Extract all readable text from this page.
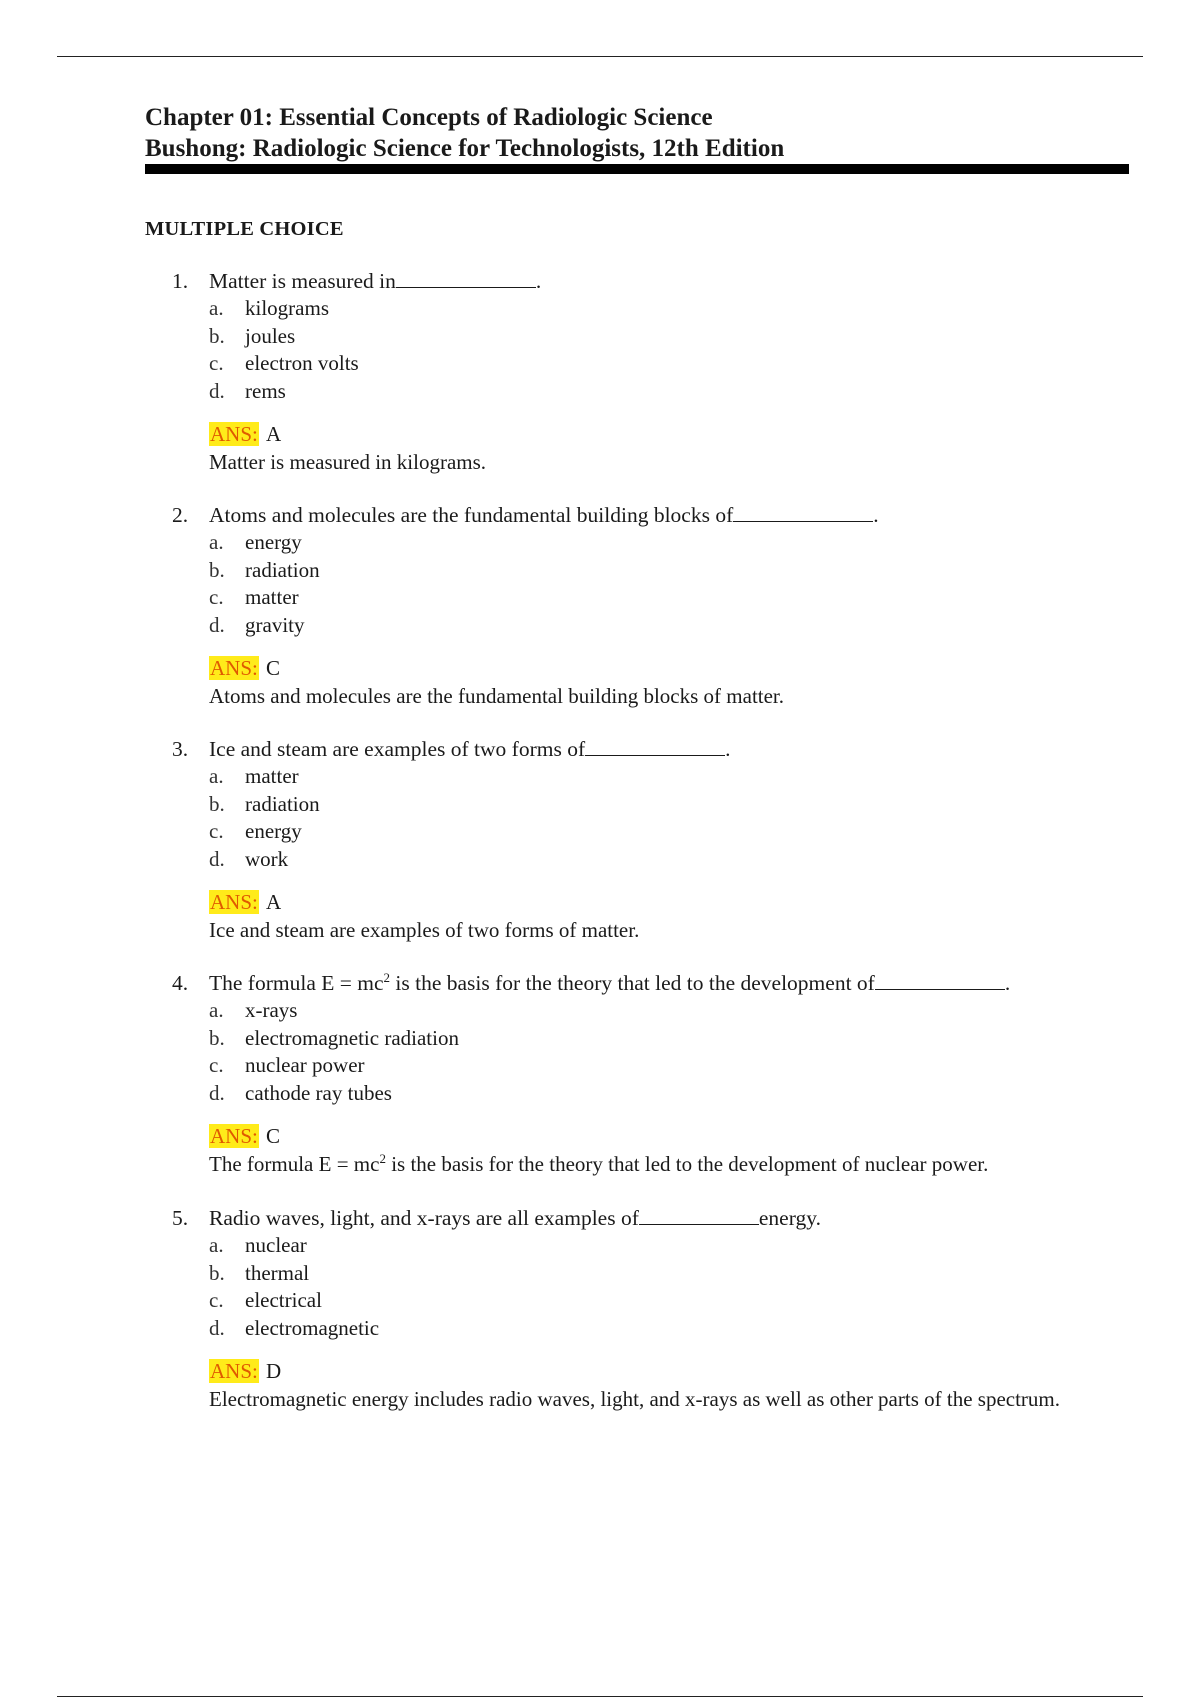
Chapter 01: Essential Concepts of Radiologic Science
Bushong: Radiologic Science for Technologists, 12th Edition
MULTIPLE CHOICE
1. Matter is measured in	.
a. kilograms
b. joules
c. electron volts
d. rems
ANS: A
Matter is measured in kilograms.
2. Atoms and molecules are the fundamental building blocks of	.
a. energy
b. radiation
c. matter
d. gravity
ANS: C
Atoms and molecules are the fundamental building blocks of matter.
3. Ice and steam are examples of two forms of	.
a. matter
b. radiation
c. energy
d. work
ANS: A
Ice and steam are examples of two forms of matter.
4. The formula $E = mc^2$ is the basis for the theory that led to the development of	.
a. x-rays
b. electromagnetic radiation
c. nuclear power
d. cathode ray tubes
ANS: C
The formula $E = mc^2$ is the basis for the theory that led to the development of nuclear power.
5. Radio waves, light, and x-rays are all examples of	energy.
a. nuclear
b. thermal
c. electrical
d. electromagnetic
ANS: D
Electromagnetic energy includes radio waves, light, and x-rays as well as other parts of the spectrum.
